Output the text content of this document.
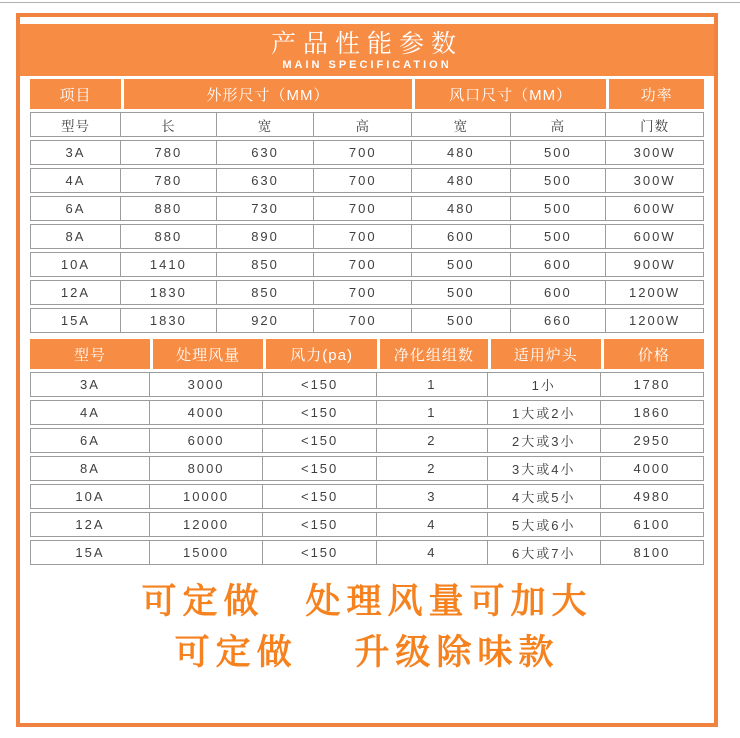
产品性能参数
MAIN SPECIFICATION
项目	外形尺寸（MM）			风口尺寸（MM）		功率
型号	长	宽	高	宽	高	门数
3A	780	630	700	480	500	300W
4A	780	630	700	480	500	300W
6A	880	730	700	480	500	600W
8A	880	890	700	600	500	600W
10A	1410	850	700	500	600	900W
12A	1830	850	700	500	600	1200W
15A	1830	920	700	500	660	1200W
型号	处理风量	风力(pa)	净化组组数	适用炉头	价格
3A	3000	<150	1	1小	1780
4A	4000	<150	1	1大或2小	1860
6A	6000	<150	2	2大或3小	2950
8A	8000	<150	2	3大或4小	4000
10A	10000	<150	3	4大或5小	4980
12A	12000	<150	4	5大或6小	6100
15A	15000	<150	4	6大或7小	8100
可定做　处理风量可加大
可定做　 升级除味款
